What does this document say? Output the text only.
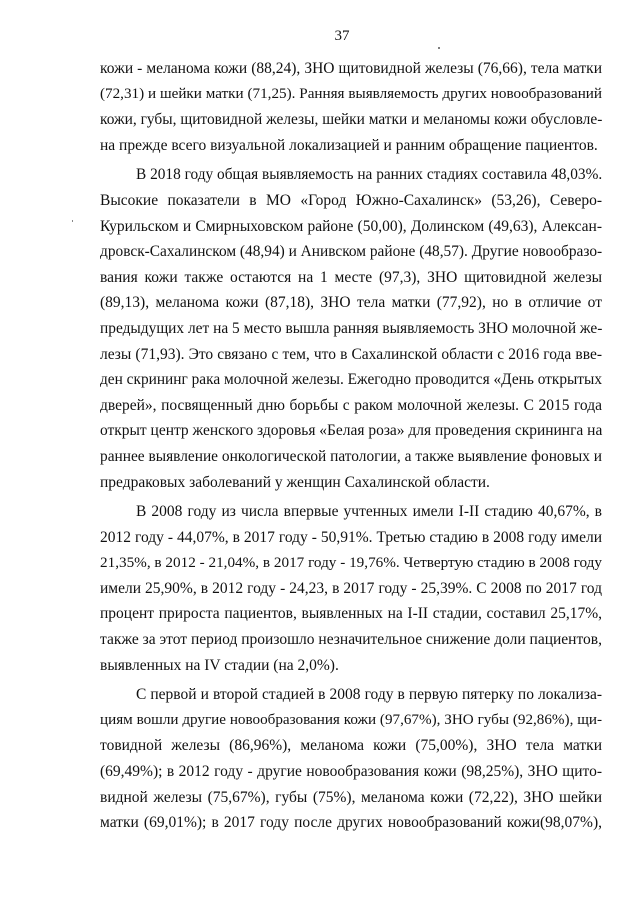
37

кожи - меланома кожи (88,24), ЗНО щитовидной железы (76,66), тела матки
(72,31) и шейки матки (71,25). Ранняя выявляемость других новообразований
кожи, губы, щитовидной железы, шейки матки и меланомы кожи обусловле-
на прежде всего визуальной локализацией и ранним обращение пациентов.

В 2018 году общая выявляемость на ранних стадиях составила 48,03%.
Высокие показатели в МО «Город Южно-Сахалинск» (53,26), Северо-
Курильском и Смирныховском районе (50,00), Долинском (49,63), Алексан-
дровск-Сахалинском (48,94) и Анивском районе (48,57). Другие новообразо-
вания кожи также остаются на 1 месте (97,3), ЗНО щитовидной железы
(89,13), меланома кожи (87,18), ЗНО тела матки (77,92), но в отличие от
предыдущих лет на 5 место вышла ранняя выявляемость ЗНО молочной же-
лезы (71,93). Это связано с тем, что в Сахалинской области с 2016 года вве-
ден скрининг рака молочной железы. Ежегодно проводится «День открытых
дверей», посвященный дню борьбы с раком молочной железы. С 2015 года
открыт центр женского здоровья «Белая роза» для проведения скрининга на
раннее выявление онкологической патологии, а также выявление фоновых и
предраковых заболеваний у женщин Сахалинской области.

В 2008 году из числа впервые учтенных имели I-II стадию 40,67%, в
2012 году - 44,07%, в 2017 году - 50,91%. Третью стадию в 2008 году имели
21,35%, в 2012 - 21,04%, в 2017 году - 19,76%. Четвертую стадию в 2008 году
имели 25,90%, в 2012 году - 24,23, в 2017 году - 25,39%. С 2008 по 2017 год
процент прироста пациентов, выявленных на I-II стадии, составил 25,17%,
также за этот период произошло незначительное снижение доли пациентов,
выявленных на IV стадии (на 2,0%).

С первой и второй стадией в 2008 году в первую пятерку по локализа-
циям вошли другие новообразования кожи (97,67%), ЗНО губы (92,86%), щи-
товидной железы (86,96%), меланома кожи (75,00%), ЗНО тела матки
(69,49%); в 2012 году - другие новообразования кожи (98,25%), ЗНО щито-
видной железы (75,67%), губы (75%), меланома кожи (72,22), ЗНО шейки
матки (69,01%); в 2017 году после других новообразований кожи(98,07%),
